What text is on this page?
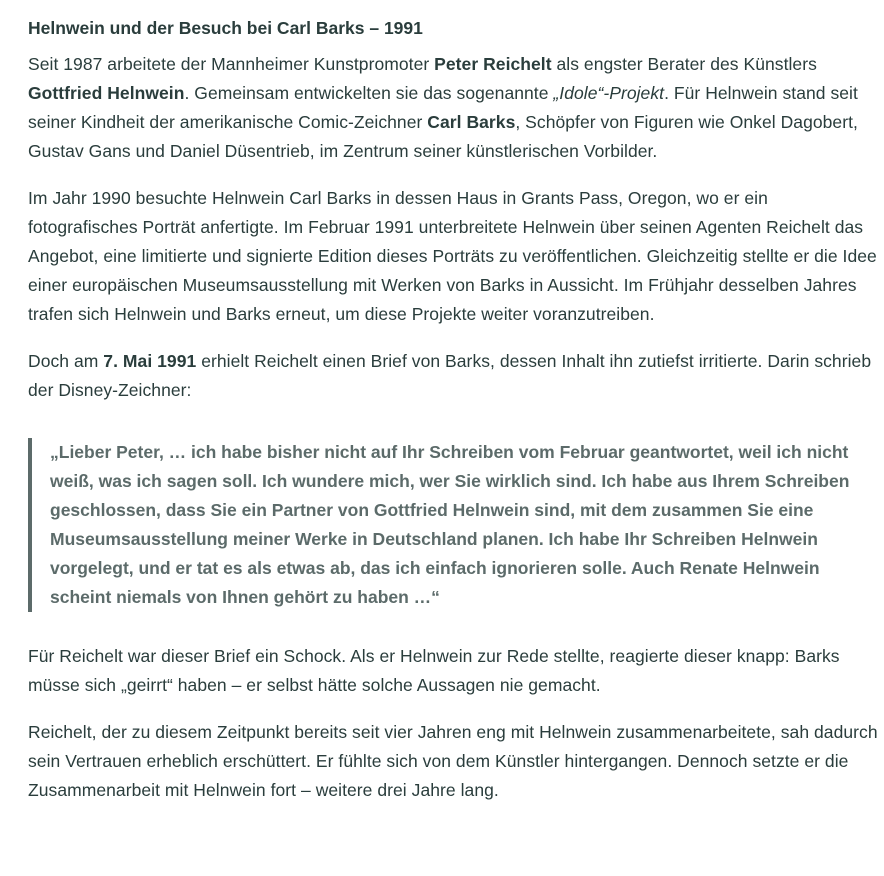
Helnwein und der Besuch bei Carl Barks – 1991

Seit 1987 arbeitete der Mannheimer Kunstpromoter Peter Reichelt als engster Berater des Künstlers Gottfried Helnwein. Gemeinsam entwickelten sie das sogenannte „Idole“-Projekt. Für Helnwein stand seit seiner Kindheit der amerikanische Comic-Zeichner Carl Barks, Schöpfer von Figuren wie Onkel Dagobert, Gustav Gans und Daniel Düsentrieb, im Zentrum seiner künstlerischen Vorbilder.

Im Jahr 1990 besuchte Helnwein Carl Barks in dessen Haus in Grants Pass, Oregon, wo er ein fotografisches Porträt anfertigte. Im Februar 1991 unterbreitete Helnwein über seinen Agenten Reichelt das Angebot, eine limitierte und signierte Edition dieses Porträts zu veröffentlichen. Gleichzeitig stellte er die Idee einer europäischen Museumsausstellung mit Werken von Barks in Aussicht. Im Frühjahr desselben Jahres trafen sich Helnwein und Barks erneut, um diese Projekte weiter voranzutreiben.

Doch am 7. Mai 1991 erhielt Reichelt einen Brief von Barks, dessen Inhalt ihn zutiefst irritierte. Darin schrieb der Disney-Zeichner:

„Lieber Peter, … ich habe bisher nicht auf Ihr Schreiben vom Februar geantwortet, weil ich nicht weiß, was ich sagen soll. Ich wundere mich, wer Sie wirklich sind. Ich habe aus Ihrem Schreiben geschlossen, dass Sie ein Partner von Gottfried Helnwein sind, mit dem zusammen Sie eine Museumsausstellung meiner Werke in Deutschland planen. Ich habe Ihr Schreiben Helnwein vorgelegt, und er tat es als etwas ab, das ich einfach ignorieren solle. Auch Renate Helnwein scheint niemals von Ihnen gehört zu haben …“

Für Reichelt war dieser Brief ein Schock. Als er Helnwein zur Rede stellte, reagierte dieser knapp: Barks müsse sich „geirrt“ haben – er selbst hätte solche Aussagen nie gemacht.

Reichelt, der zu diesem Zeitpunkt bereits seit vier Jahren eng mit Helnwein zusammenarbeitete, sah dadurch sein Vertrauen erheblich erschüttert. Er fühlte sich von dem Künstler hintergangen. Dennoch setzte er die Zusammenarbeit mit Helnwein fort – weitere drei Jahre lang.
